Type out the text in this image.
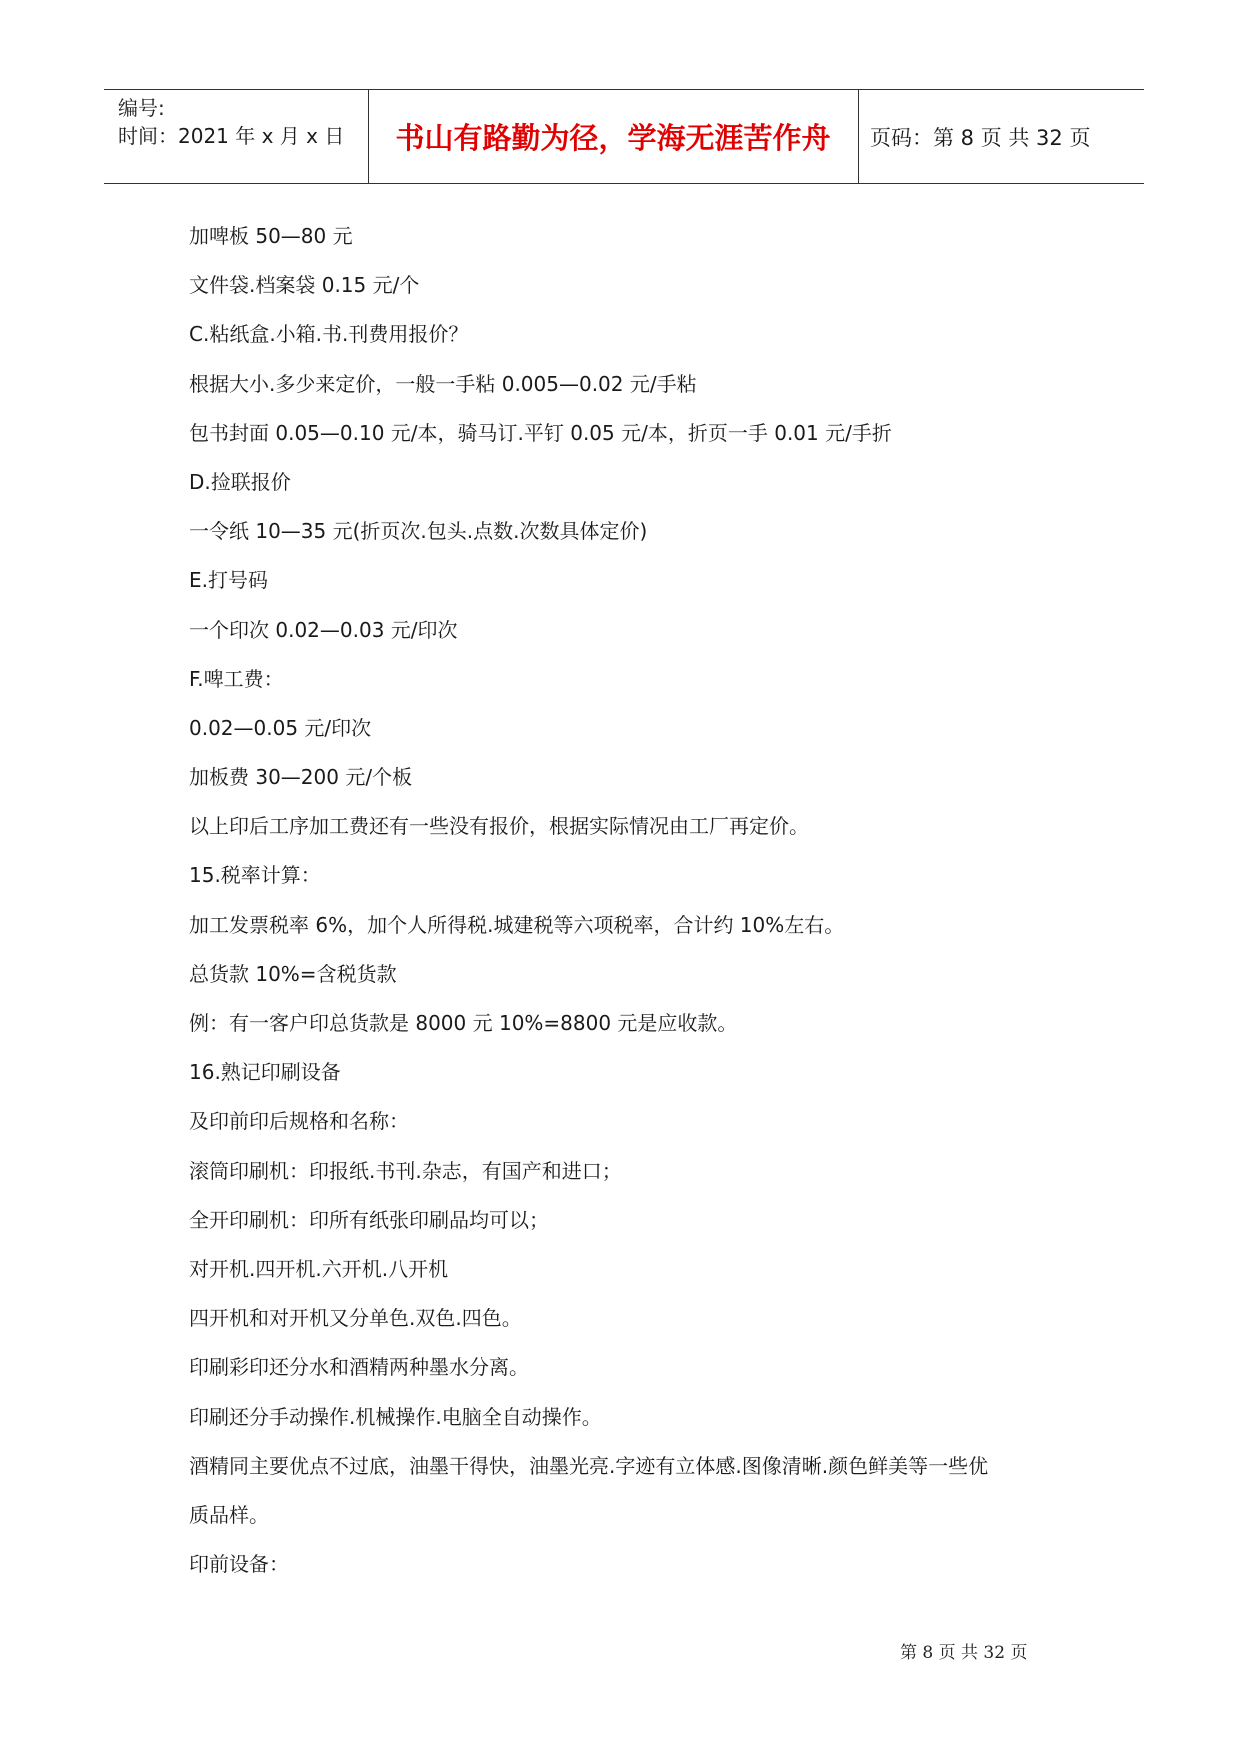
编号:
时间：2021 年 x 月 x 日	书山有路勤为径，学海无涯苦作舟	页码：第 8 页 共 32 页
加啤板 50—80 元
文件袋.档案袋 0.15 元/个
C.粘纸盒.小箱.书.刊费用报价？
根据大小.多少来定价，一般一手粘 0.005—0.02 元/手粘
包书封面 0.05—0.10 元/本，骑马订.平钉 0.05 元/本，折页一手 0.01 元/手折
D.捡联报价
一令纸 10—35 元(折页次.包头.点数.次数具体定价)
E.打号码
一个印次 0.02—0.03 元/印次
F.啤工费：
0.02—0.05 元/印次
加板费 30—200 元/个板
以上印后工序加工费还有一些没有报价，根据实际情况由工厂再定价。
15.税率计算：
加工发票税率 6%，加个人所得税.城建税等六项税率，合计约 10%左右。
总货款 10%=含税货款
例：有一客户印总货款是 8000 元 10%=8800 元是应收款。
16.熟记印刷设备
及印前印后规格和名称：
滚筒印刷机：印报纸.书刊.杂志，有国产和进口；
全开印刷机：印所有纸张印刷品均可以；
对开机.四开机.六开机.八开机
四开机和对开机又分单色.双色.四色。
印刷彩印还分水和酒精两种墨水分离。
印刷还分手动操作.机械操作.电脑全自动操作。
酒精同主要优点不过底，油墨干得快，油墨光亮.字迹有立体感.图像清晰.颜色鲜美等一些优
质品样。
印前设备：
第 8 页 共 32 页
